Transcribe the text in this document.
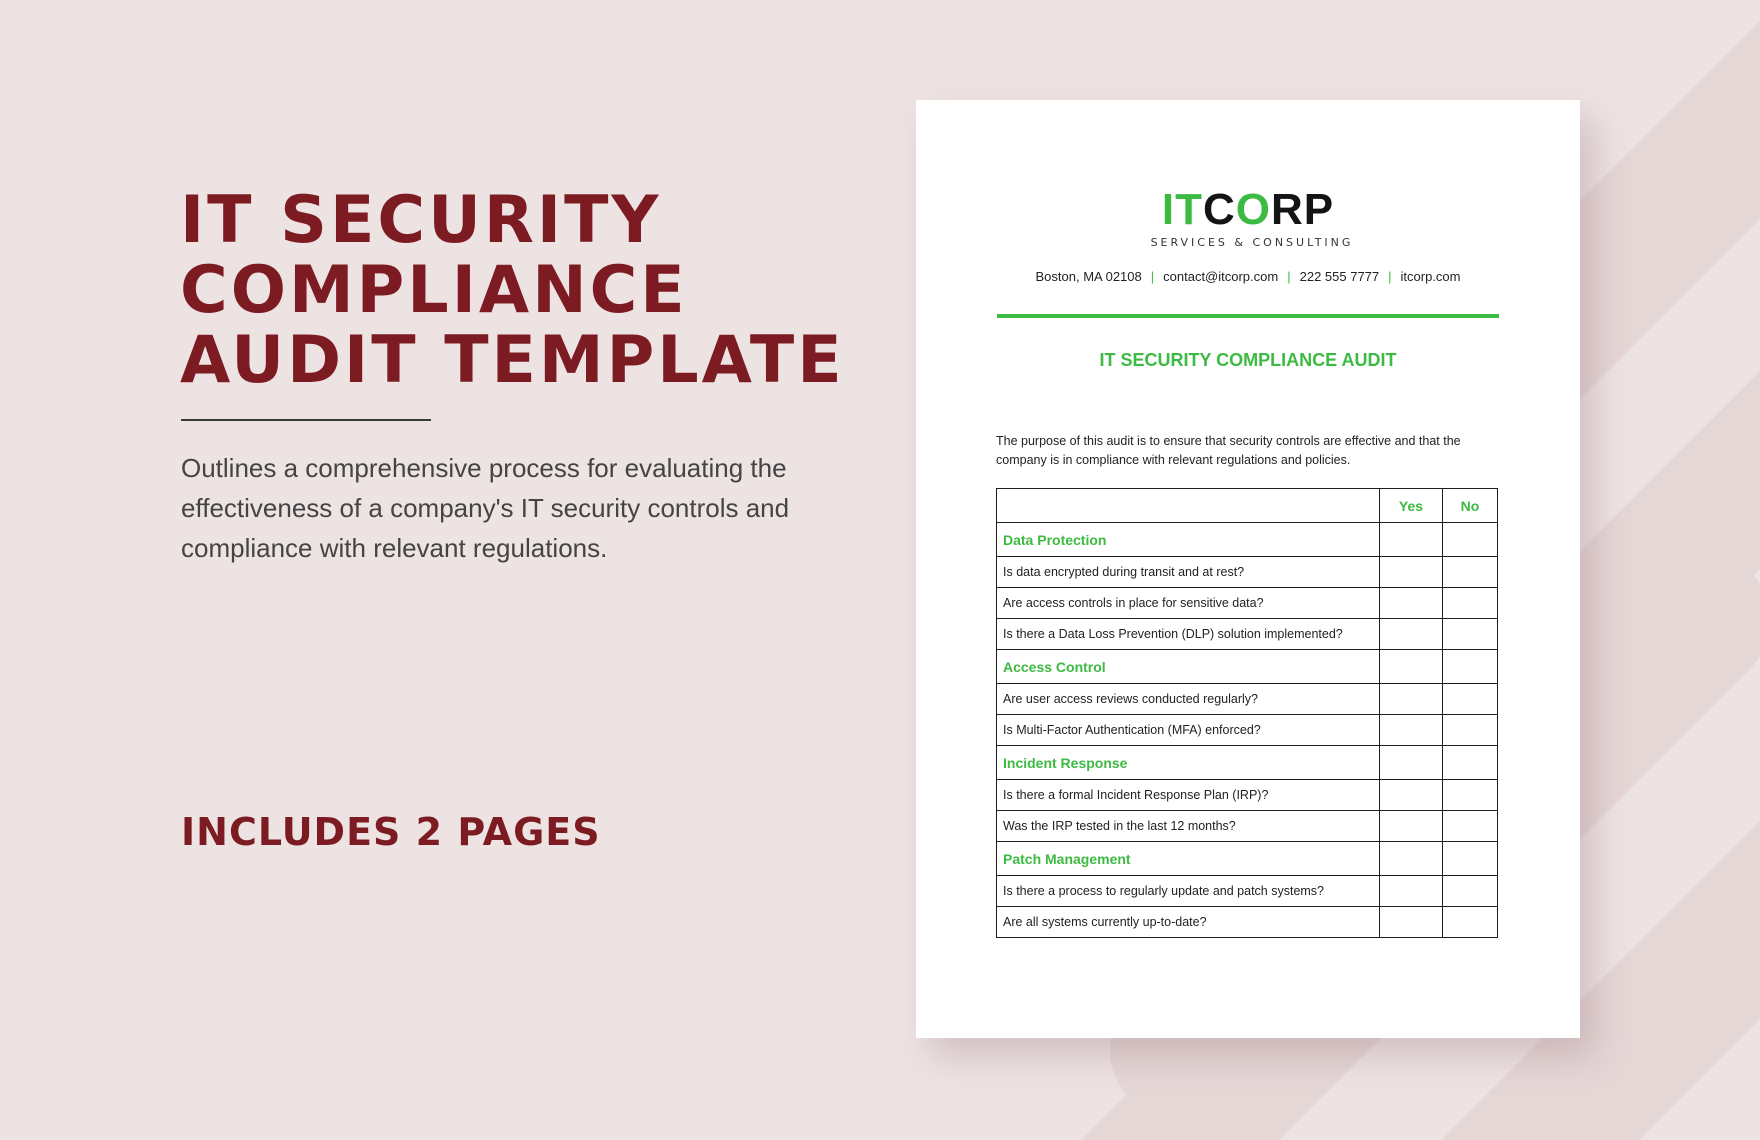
IT SECURITY
COMPLIANCE
AUDIT TEMPLATE

Outlines a comprehensive process for evaluating the effectiveness of a company's IT security controls and compliance with relevant regulations.

INCLUDES 2 PAGES

ITCORP
SERVICES & CONSULTING
Boston, MA 02108 | contact@itcorp.com | 222 555 7777 | itcorp.com
IT SECURITY COMPLIANCE AUDIT

The purpose of this audit is to ensure that security controls are effective and that the company is in compliance with relevant regulations and policies.

	Yes	No
Data Protection		
Is data encrypted during transit and at rest?		
Are access controls in place for sensitive data?		
Is there a Data Loss Prevention (DLP) solution implemented?		
Access Control		
Are user access reviews conducted regularly?		
Is Multi-Factor Authentication (MFA) enforced?		
Incident Response		
Is there a formal Incident Response Plan (IRP)?		
Was the IRP tested in the last 12 months?		
Patch Management		
Is there a process to regularly update and patch systems?		
Are all systems currently up-to-date?		
